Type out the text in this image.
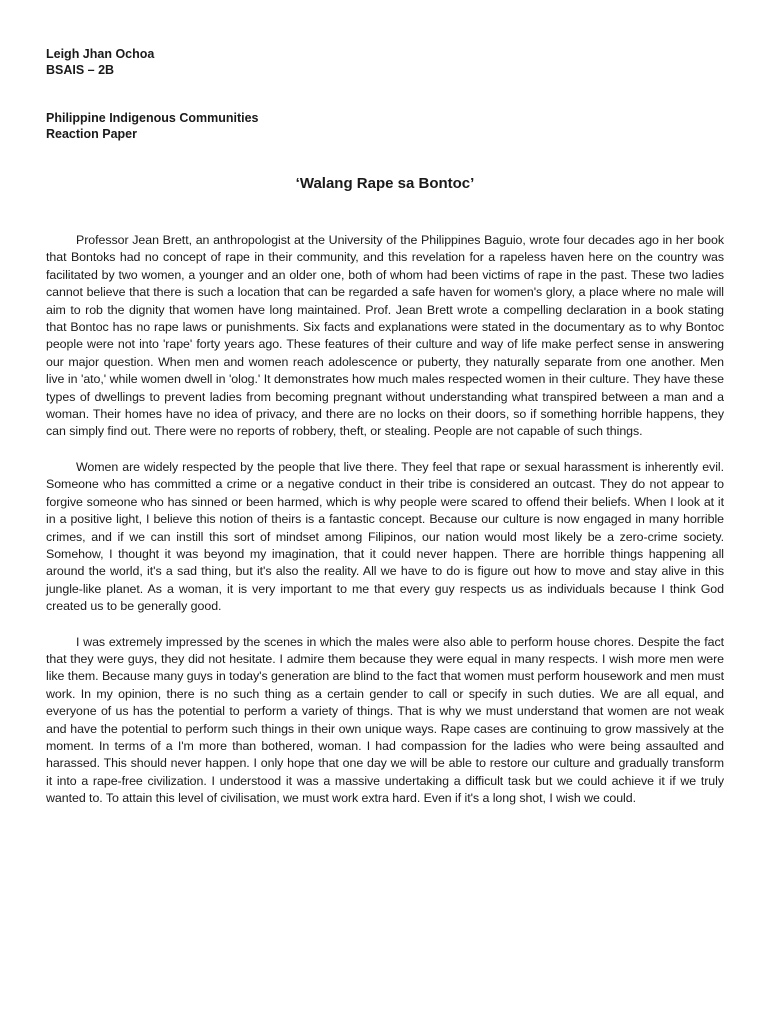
Leigh Jhan Ochoa

BSAIS – 2B

Philippine Indigenous Communities

Reaction Paper

‘Walang Rape sa Bontoc’

Professor Jean Brett, an anthropologist at the University of the Philippines Baguio, wrote four decades ago in her book that Bontoks had no concept of rape in their community, and this revelation for a rapeless haven here on the country was facilitated by two women, a younger and an older one, both of whom had been victims of rape in the past. These two ladies cannot believe that there is such a location that can be regarded a safe haven for women's glory, a place where no male will aim to rob the dignity that women have long maintained. Prof. Jean Brett wrote a compelling declaration in a book stating that Bontoc has no rape laws or punishments. Six facts and explanations were stated in the documentary as to why Bontoc people were not into 'rape' forty years ago. These features of their culture and way of life make perfect sense in answering our major question. When men and women reach adolescence or puberty, they naturally separate from one another. Men live in 'ato,' while women dwell in 'olog.' It demonstrates how much males respected women in their culture. They have these types of dwellings to prevent ladies from becoming pregnant without understanding what transpired between a man and a woman. Their homes have no idea of privacy, and there are no locks on their doors, so if something horrible happens, they can simply find out. There were no reports of robbery, theft, or stealing. People are not capable of such things.

Women are widely respected by the people that live there. They feel that rape or sexual harassment is inherently evil. Someone who has committed a crime or a negative conduct in their tribe is considered an outcast. They do not appear to forgive someone who has sinned or been harmed, which is why people were scared to offend their beliefs. When I look at it in a positive light, I believe this notion of theirs is a fantastic concept. Because our culture is now engaged in many horrible crimes, and if we can instill this sort of mindset among Filipinos, our nation would most likely be a zero-crime society. Somehow, I thought it was beyond my imagination, that it could never happen. There are horrible things happening all around the world, it's a sad thing, but it's also the reality. All we have to do is figure out how to move and stay alive in this jungle-like planet. As a woman, it is very important to me that every guy respects us as individuals because I think God created us to be generally good.

I was extremely impressed by the scenes in which the males were also able to perform house chores. Despite the fact that they were guys, they did not hesitate. I admire them because they were equal in many respects. I wish more men were like them. Because many guys in today's generation are blind to the fact that women must perform housework and men must work. In my opinion, there is no such thing as a certain gender to call or specify in such duties. We are all equal, and everyone of us has the potential to perform a variety of things. That is why we must understand that women are not weak and have the potential to perform such things in their own unique ways. Rape cases are continuing to grow massively at the moment. In terms of a I'm more than bothered, woman. I had compassion for the ladies who were being assaulted and harassed. This should never happen. I only hope that one day we will be able to restore our culture and gradually transform it into a rape-free civilization. I understood it was a massive undertaking a difficult task but we could achieve it if we truly wanted to. To attain this level of civilisation, we must work extra hard. Even if it's a long shot, I wish we could.
